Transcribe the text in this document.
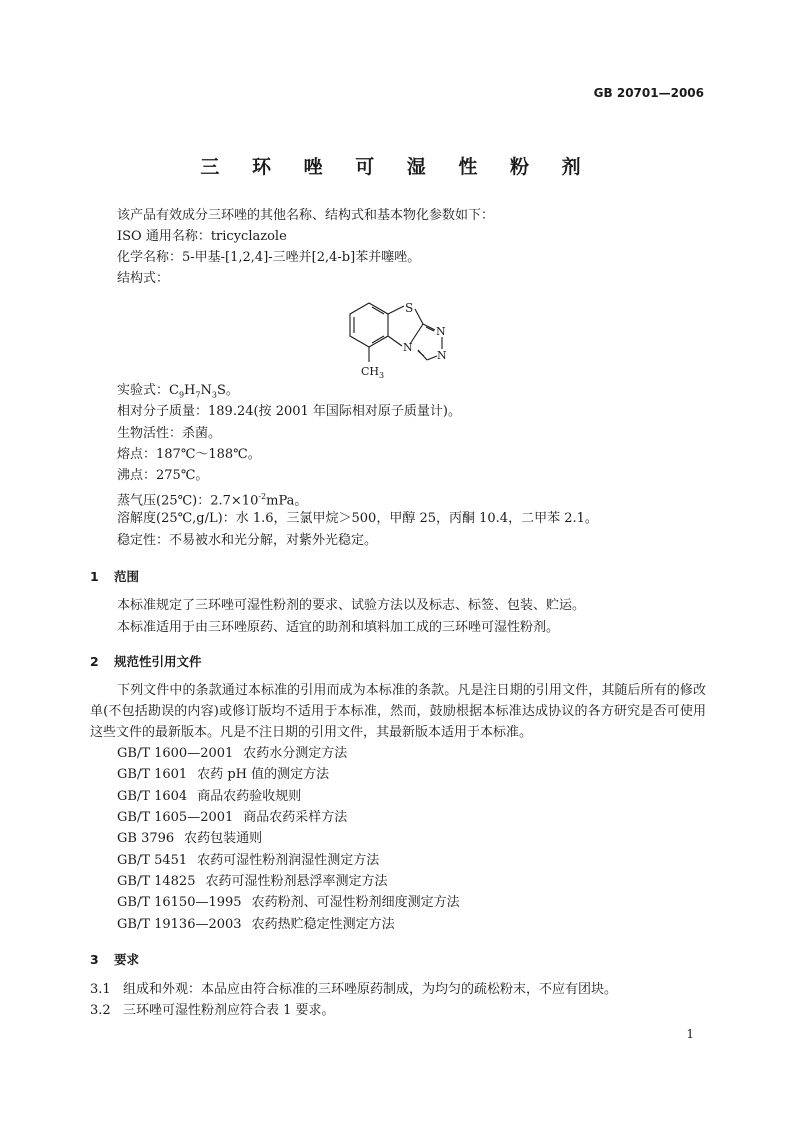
GB 20701—2006
三 环 唑 可 湿 性 粉 剂
该产品有效成分三环唑的其他名称、结构式和基本物化参数如下：
ISO 通用名称：tricyclazole
化学名称：5-甲基-[1,2,4]-三唑并[2,4-b]苯并噻唑。
结构式：
S
N
N
N
$CH_3$
实验式：$C_9H_7N_3S$。
相对分子质量：189.24(按 2001 年国际相对原子质量计)。
生物活性：杀菌。
熔点：187℃～188℃。
沸点：275℃。
蒸气压(25℃)：$2.7\times 10^{-2}mPa$。
溶解度(25℃,g/L)：水 1.6，三氯甲烷＞500，甲醇 25，丙酮 10.4，二甲苯 2.1。
稳定性：不易被水和光分解，对紫外光稳定。
1 范围
本标准规定了三环唑可湿性粉剂的要求、试验方法以及标志、标签、包装、贮运。
本标准适用于由三环唑原药、适宜的助剂和填料加工成的三环唑可湿性粉剂。
2 规范性引用文件
下列文件中的条款通过本标准的引用而成为本标准的条款。凡是注日期的引用文件，其随后所有的修改单(不包括勘误的内容)或修订版均不适用于本标准，然而，鼓励根据本标准达成协议的各方研究是否可使用这些文件的最新版本。凡是不注日期的引用文件，其最新版本适用于本标准。
GB/T 1600—2001 农药水分测定方法
GB/T 1601 农药 pH 值的测定方法
GB/T 1604 商品农药验收规则
GB/T 1605—2001 商品农药采样方法
GB 3796 农药包装通则
GB/T 5451 农药可湿性粉剂润湿性测定方法
GB/T 14825 农药可湿性粉剂悬浮率测定方法
GB/T 16150—1995 农药粉剂、可湿性粉剂细度测定方法
GB/T 19136—2003 农药热贮稳定性测定方法
3 要求
3.1 组成和外观：本品应由符合标准的三环唑原药制成，为均匀的疏松粉末，不应有团块。
3.2 三环唑可湿性粉剂应符合表 1 要求。
1
